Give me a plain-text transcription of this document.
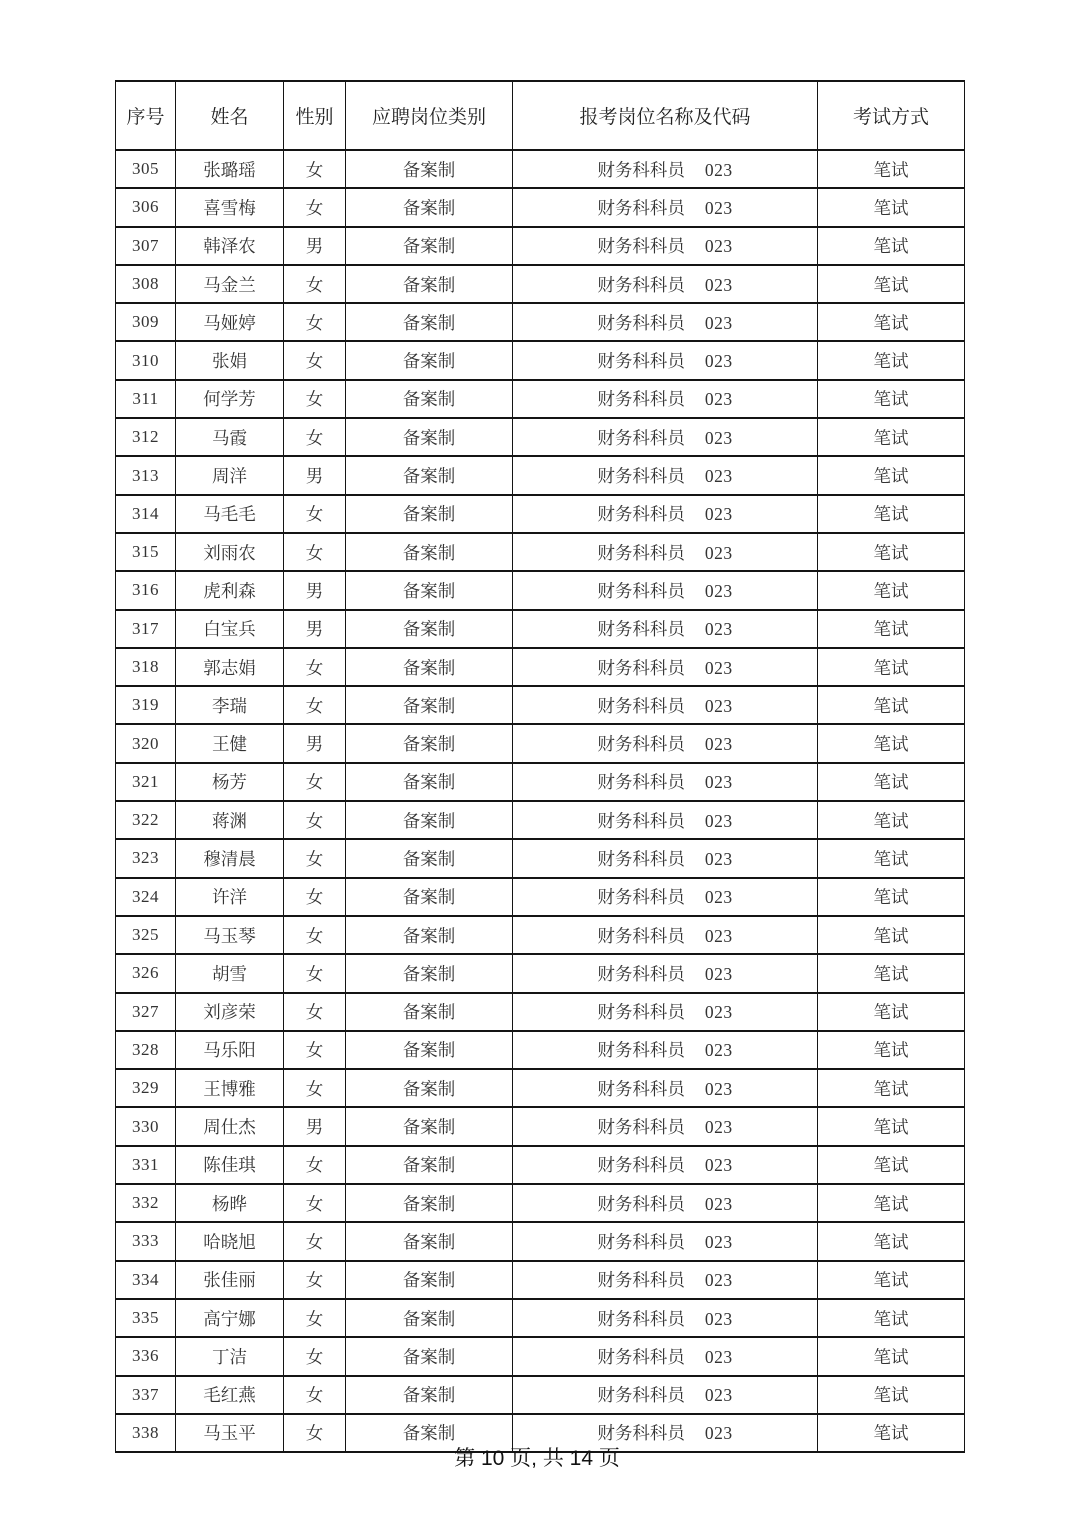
序号	姓名	性别	应聘岗位类别	报考岗位名称及代码	考试方式
305	张璐瑶	女	备案制	财务科科员 023	笔试
306	喜雪梅	女	备案制	财务科科员 023	笔试
307	韩泽农	男	备案制	财务科科员 023	笔试
308	马金兰	女	备案制	财务科科员 023	笔试
309	马娅婷	女	备案制	财务科科员 023	笔试
310	张娟	女	备案制	财务科科员 023	笔试
311	何学芳	女	备案制	财务科科员 023	笔试
312	马霞	女	备案制	财务科科员 023	笔试
313	周洋	男	备案制	财务科科员 023	笔试
314	马毛毛	女	备案制	财务科科员 023	笔试
315	刘雨农	女	备案制	财务科科员 023	笔试
316	虎利森	男	备案制	财务科科员 023	笔试
317	白宝兵	男	备案制	财务科科员 023	笔试
318	郭志娟	女	备案制	财务科科员 023	笔试
319	李瑞	女	备案制	财务科科员 023	笔试
320	王健	男	备案制	财务科科员 023	笔试
321	杨芳	女	备案制	财务科科员 023	笔试
322	蒋渊	女	备案制	财务科科员 023	笔试
323	穆清晨	女	备案制	财务科科员 023	笔试
324	许洋	女	备案制	财务科科员 023	笔试
325	马玉琴	女	备案制	财务科科员 023	笔试
326	胡雪	女	备案制	财务科科员 023	笔试
327	刘彦荣	女	备案制	财务科科员 023	笔试
328	马乐阳	女	备案制	财务科科员 023	笔试
329	王博雅	女	备案制	财务科科员 023	笔试
330	周仕杰	男	备案制	财务科科员 023	笔试
331	陈佳琪	女	备案制	财务科科员 023	笔试
332	杨晔	女	备案制	财务科科员 023	笔试
333	哈晓旭	女	备案制	财务科科员 023	笔试
334	张佳丽	女	备案制	财务科科员 023	笔试
335	高宁娜	女	备案制	财务科科员 023	笔试
336	丁洁	女	备案制	财务科科员 023	笔试
337	毛红燕	女	备案制	财务科科员 023	笔试
338	马玉平	女	备案制	财务科科员 023	笔试
第 10 页, 共 14 页
